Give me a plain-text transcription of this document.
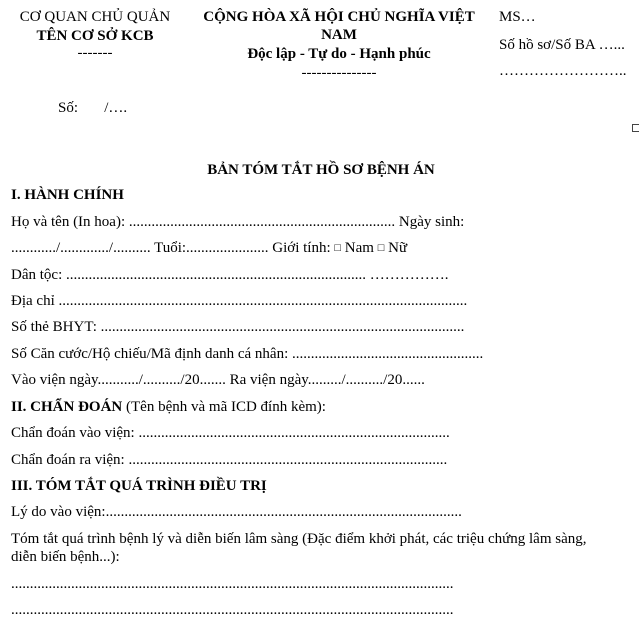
CƠ QUAN CHỦ QUẢN
TÊN CƠ SỞ KCB
-------
CỘNG HÒA XÃ HỘI CHỦ NGHĨA VIỆT
NAM
Độc lập - Tự do - Hạnh phúc
---------------
MS…
Số hồ sơ/Số BA …...
……………………..
Số:       /….
BẢN TÓM TẮT HỒ SƠ BỆNH ÁN
I. HÀNH CHÍNH
Họ và tên (In hoa): ....................................................................... Ngày sinh:
............/............./.......... Tuổi:...................... Giới tính: □ Nam □ Nữ
Dân tộc: ................................................................................ …………….
Địa chỉ .............................................................................................................
Số thẻ BHYT: .................................................................................................
Số Căn cước/Hộ chiếu/Mã định danh cá nhân: ...................................................
Vào viện ngày.........../........../20....... Ra viện ngày........./........../20......
II. CHẨN ĐOÁN (Tên bệnh và mã ICD đính kèm):
Chẩn đoán vào viện: ...................................................................................
Chẩn đoán ra viện: .....................................................................................
III. TÓM TẮT QUÁ TRÌNH ĐIỀU TRỊ
Lý do vào viện:...............................................................................................
Tóm tắt quá trình bệnh lý và diễn biến lâm sàng (Đặc điểm khởi phát, các triệu chứng lâm sàng,
diễn biến bệnh...):
......................................................................................................................
......................................................................................................................
